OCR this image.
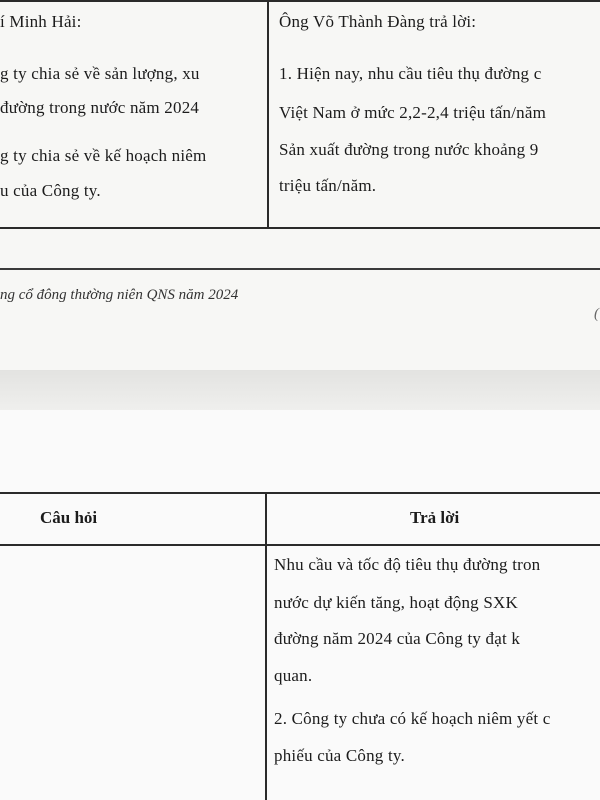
í Minh Hải:
g ty chia sẻ về sản lượng, xu
đường trong nước năm 2024
g ty chia sẻ về kế hoạch niêm
u của Công ty.
Ông Võ Thành Đàng trả lời:
1. Hiện nay, nhu cầu tiêu thụ đường c
Việt Nam ở mức 2,2-2,4 triệu tấn/năm
Sản xuất đường trong nước khoảng 9
triệu tấn/năm.
ng cổ đông thường niên QNS năm 2024
(
Câu hỏi	Trả lời
Nhu cầu và tốc độ tiêu thụ đường tron
nước dự kiến tăng, hoạt động SXK
đường năm 2024 của Công ty đạt k
quan.
2. Công ty chưa có kế hoạch niêm yết c
phiếu của Công ty.
